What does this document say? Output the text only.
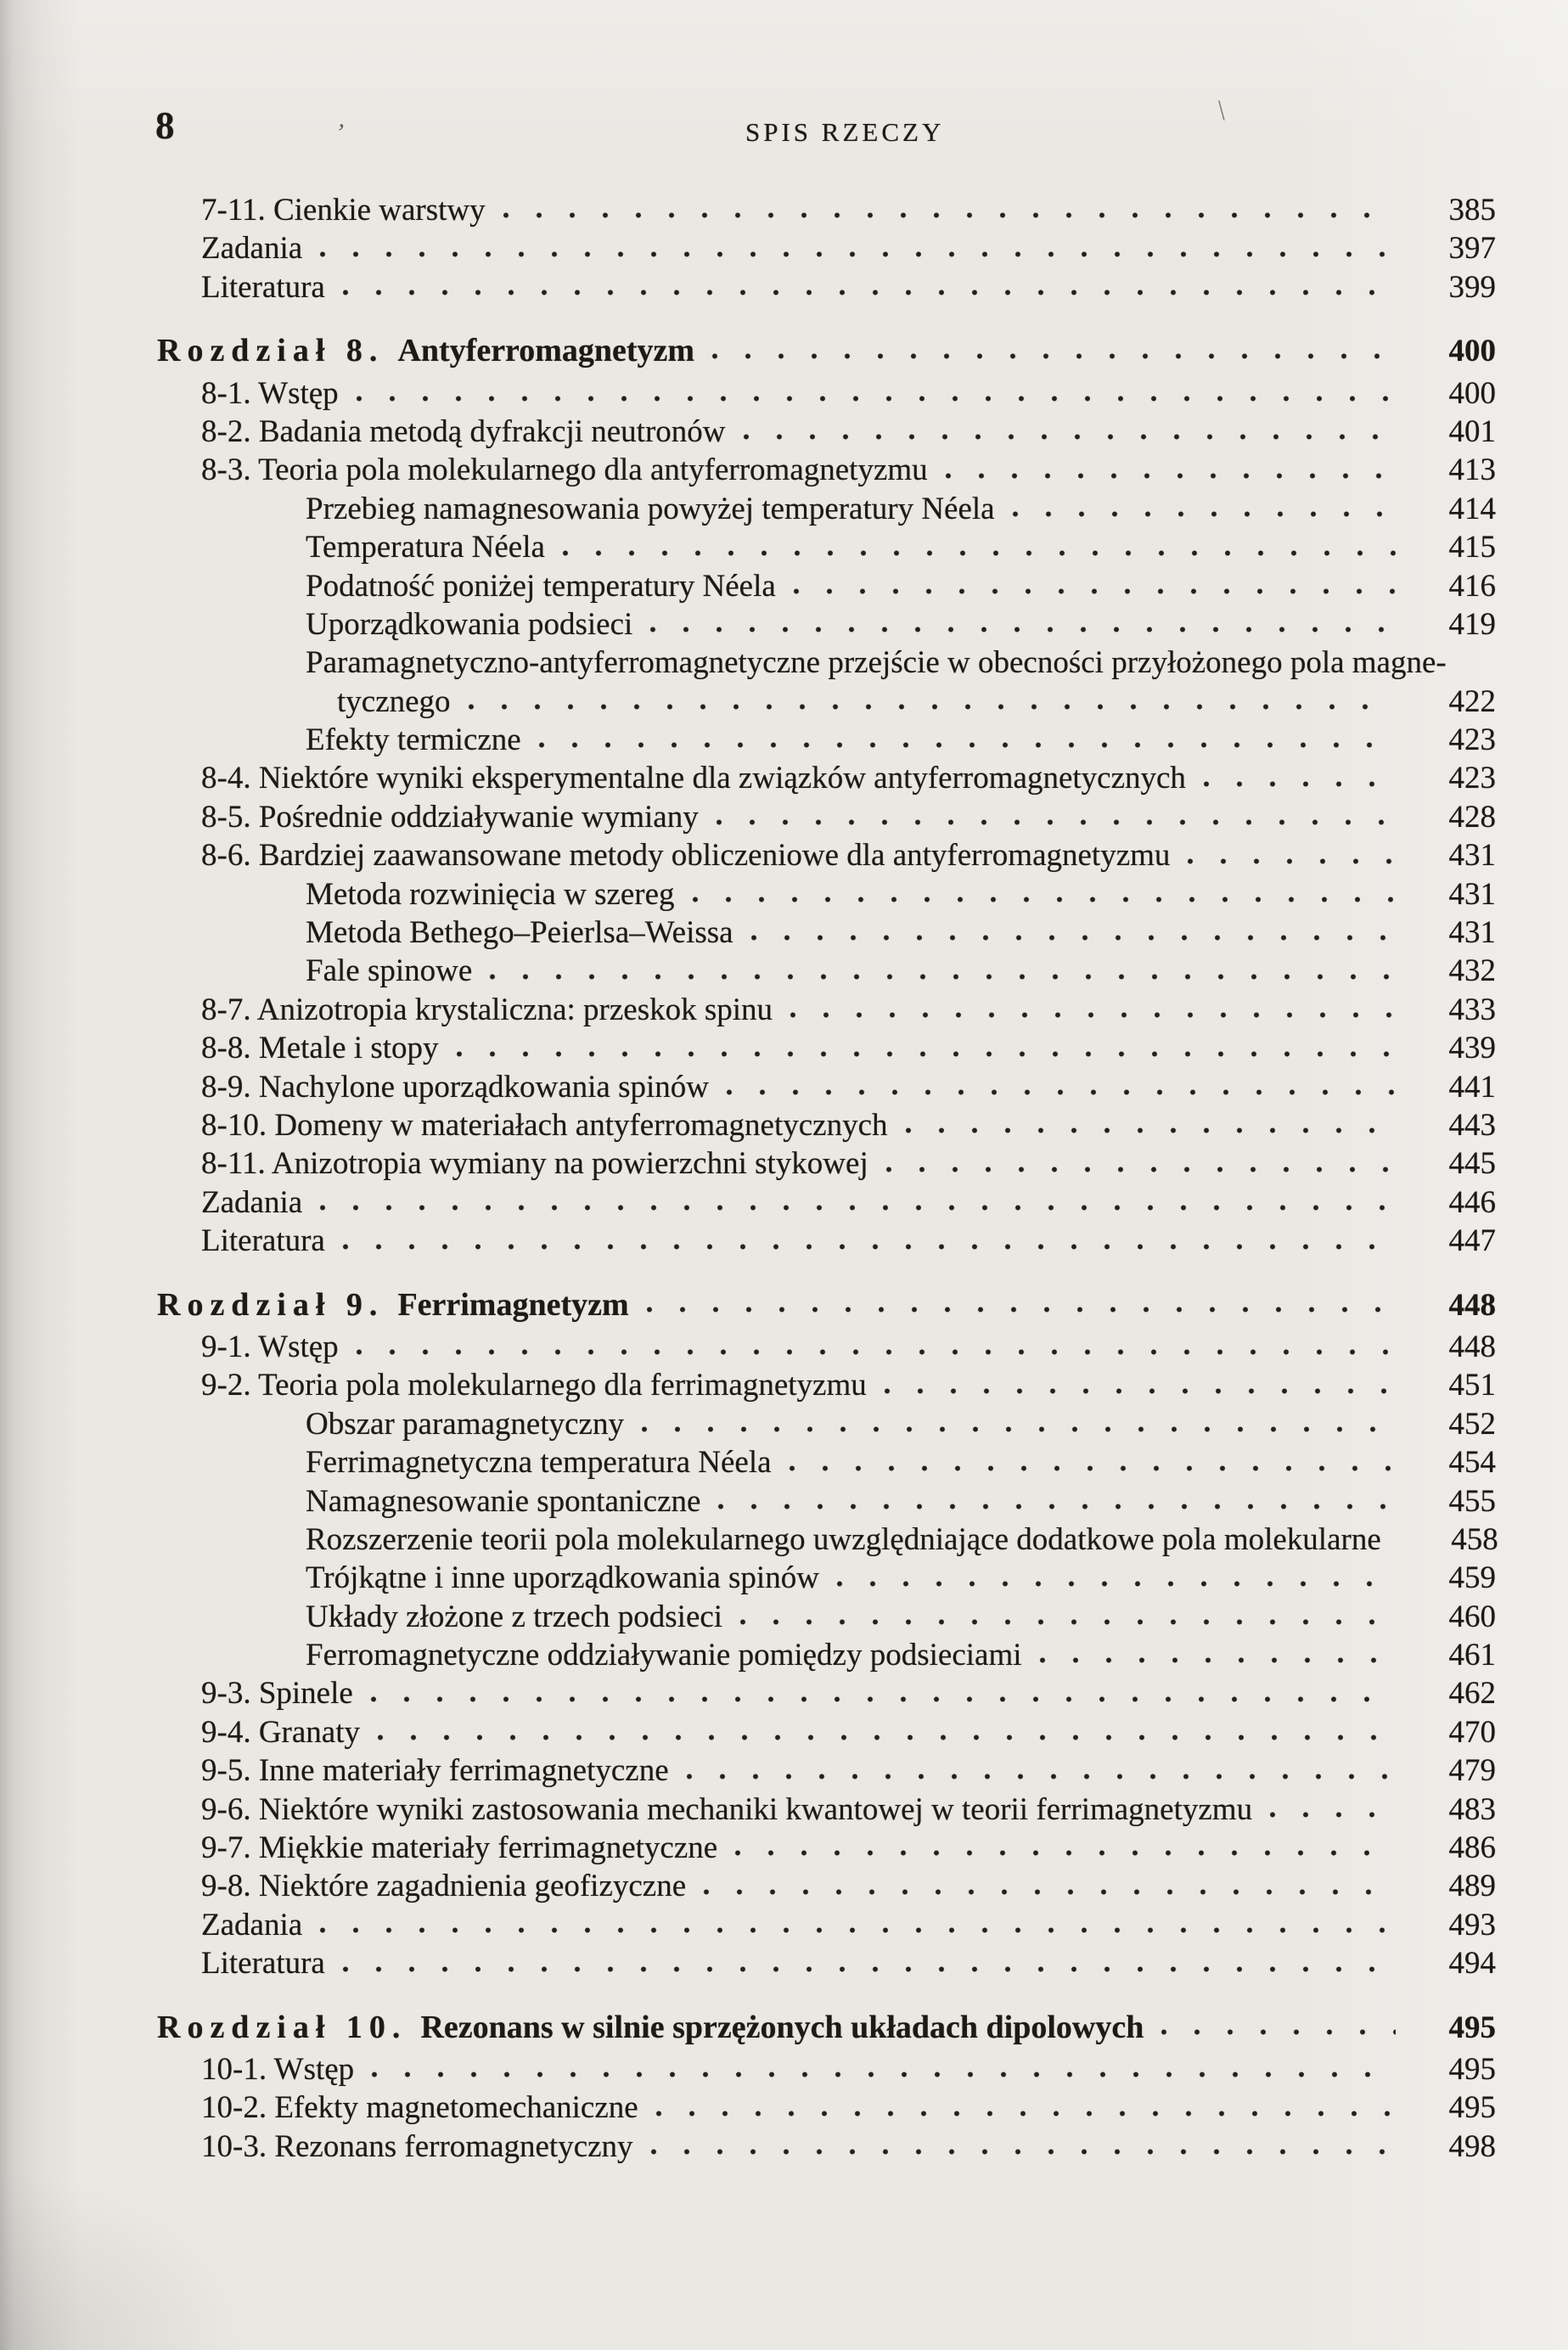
8	SPIS RZECZY
’
\
7-11. Cienkie warstwy	385
Zadania	397
Literatura	399
Rozdział 8. Antyferromagnetyzm	400
8-1. Wstęp	400
8-2. Badania metodą dyfrakcji neutronów	401
8-3. Teoria pola molekularnego dla antyferromagnetyzmu	413
Przebieg namagnesowania powyżej temperatury Néela	414
Temperatura Néela	415
Podatność poniżej temperatury Néela	416
Uporządkowania podsieci	419
Paramagnetyczno-antyferromagnetyczne przejście w obecności przyłożonego pola magne-
tycznego	422
Efekty termiczne	423
8-4. Niektóre wyniki eksperymentalne dla związków antyferromagnetycznych	423
8-5. Pośrednie oddziaływanie wymiany	428
8-6. Bardziej zaawansowane metody obliczeniowe dla antyferromagnetyzmu	431
Metoda rozwinięcia w szereg	431
Metoda Bethego–Peierlsa–Weissa	431
Fale spinowe	432
8-7. Anizotropia krystaliczna: przeskok spinu	433
8-8. Metale i stopy	439
8-9. Nachylone uporządkowania spinów	441
8-10. Domeny w materiałach antyferromagnetycznych	443
8-11. Anizotropia wymiany na powierzchni stykowej	445
Zadania	446
Literatura	447
Rozdział 9. Ferrimagnetyzm	448
9-1. Wstęp	448
9-2. Teoria pola molekularnego dla ferrimagnetyzmu	451
Obszar paramagnetyczny	452
Ferrimagnetyczna temperatura Néela	454
Namagnesowanie spontaniczne	455
Rozszerzenie teorii pola molekularnego uwzględniające dodatkowe pola molekularne	458
Trójkątne i inne uporządkowania spinów	459
Układy złożone z trzech podsieci	460
Ferromagnetyczne oddziaływanie pomiędzy podsieciami	461
9-3. Spinele	462
9-4. Granaty	470
9-5. Inne materiały ferrimagnetyczne	479
9-6. Niektóre wyniki zastosowania mechaniki kwantowej w teorii ferrimagnetyzmu	483
9-7. Miękkie materiały ferrimagnetyczne	486
9-8. Niektóre zagadnienia geofizyczne	489
Zadania	493
Literatura	494
Rozdział 10. Rezonans w silnie sprzężonych układach dipolowych	495
10-1. Wstęp	495
10-2. Efekty magnetomechaniczne	495
10-3. Rezonans ferromagnetyczny	498
